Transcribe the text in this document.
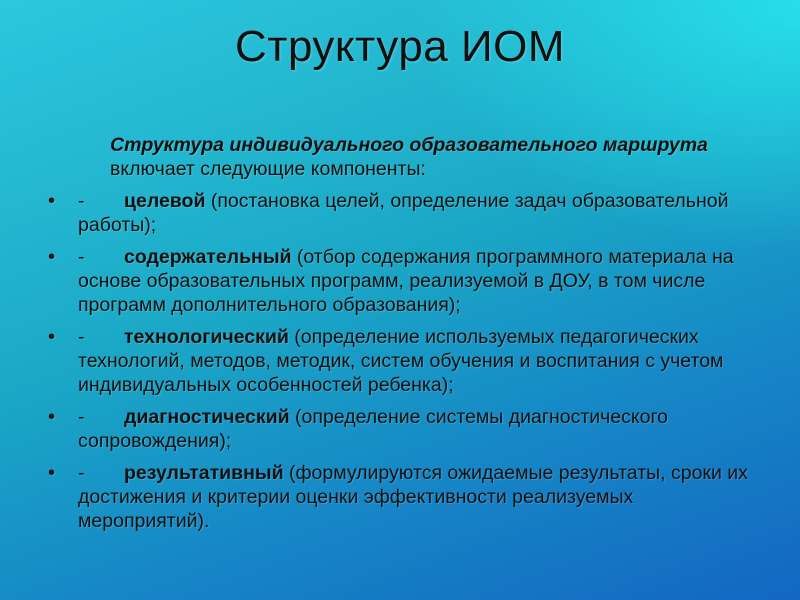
Структура ИОМ

Структура индивидуального образовательного маршрута включает следующие компоненты:

• - целевой (постановка целей, определение задач образовательной работы);
• - содержательный (отбор содержания программного материала на основе образовательных программ, реализуемой в ДОУ, в том числе программ дополнительного образования);
• - технологический (определение используемых педагогических технологий, методов, методик, систем обучения и воспитания с учетом индивидуальных особенностей ребенка);
• - диагностический (определение системы диагностического сопровождения);
• - результативный (формулируются ожидаемые результаты, сроки их достижения и критерии оценки эффективности реализуемых мероприятий).
